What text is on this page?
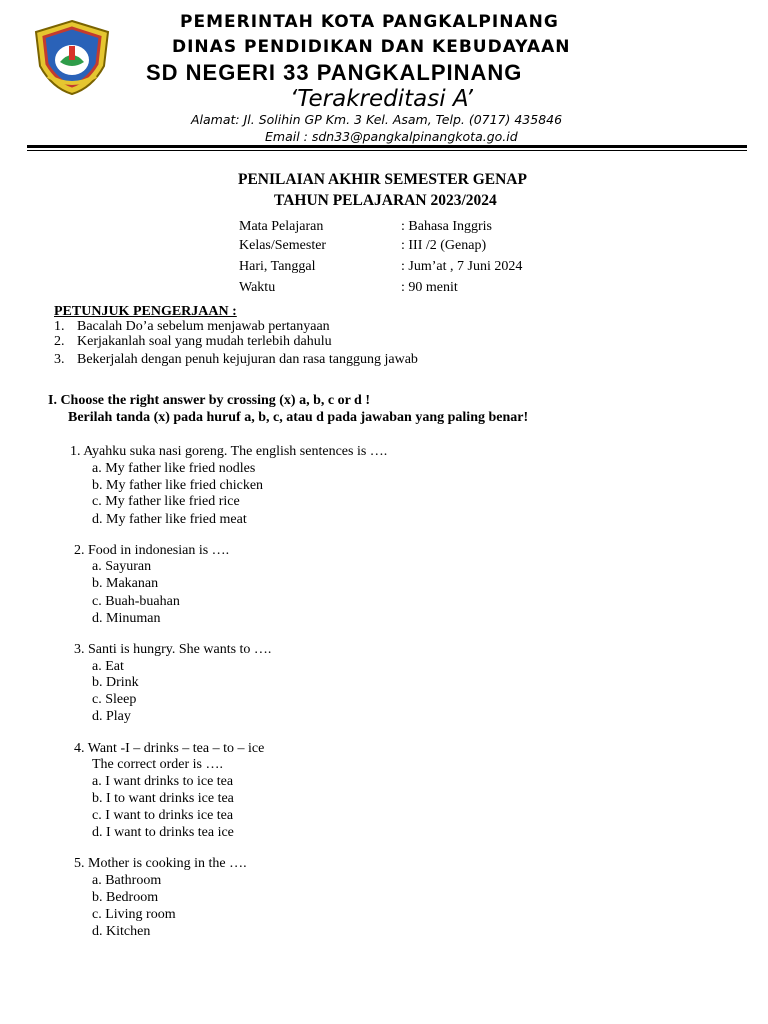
PEMERINTAH KOTA PANGKALPINANG
DINAS PENDIDIKAN DAN KEBUDAYAAN
SD NEGERI 33 PANGKALPINANG
‘Terakreditasi A’
Alamat: Jl. Solihin GP Km. 3 Kel. Asam, Telp. (0717) 435846
Email : sdn33@pangkalpinangkota.go.id
PENILAIAN AKHIR SEMESTER GENAP
TAHUN PELAJARAN 2023/2024
Mata Pelajaran	: Bahasa Inggris
Kelas/Semester	: III /2 (Genap)
Hari, Tanggal	: Jum’at , 7 Juni 2024
Waktu	: 90 menit
PETUNJUK PENGERJAAN :
1. Bacalah Do’a sebelum menjawab pertanyaan
2. Kerjakanlah soal yang mudah terlebih dahulu
3. Bekerjalah dengan penuh kejujuran dan rasa tanggung jawab
I. Choose the right answer by crossing (x) a, b, c or d !
Berilah tanda (x) pada huruf a, b, c, atau d pada jawaban yang paling benar!
1. Ayahku suka nasi goreng. The english sentences is ….
a. My father like fried nodles
b. My father like fried chicken
c. My father like fried rice
d. My father like fried meat
2. Food in indonesian is ….
a. Sayuran
b. Makanan
c. Buah-buahan
d. Minuman
3. Santi is hungry. She wants to ….
a. Eat
b. Drink
c. Sleep
d. Play
4. Want -I – drinks – tea – to – ice
The correct order is ….
a. I want drinks to ice tea
b. I to want drinks ice tea
c. I want to drinks ice tea
d. I want to drinks tea ice
5. Mother is cooking in the ….
a. Bathroom
b. Bedroom
c. Living room
d. Kitchen
